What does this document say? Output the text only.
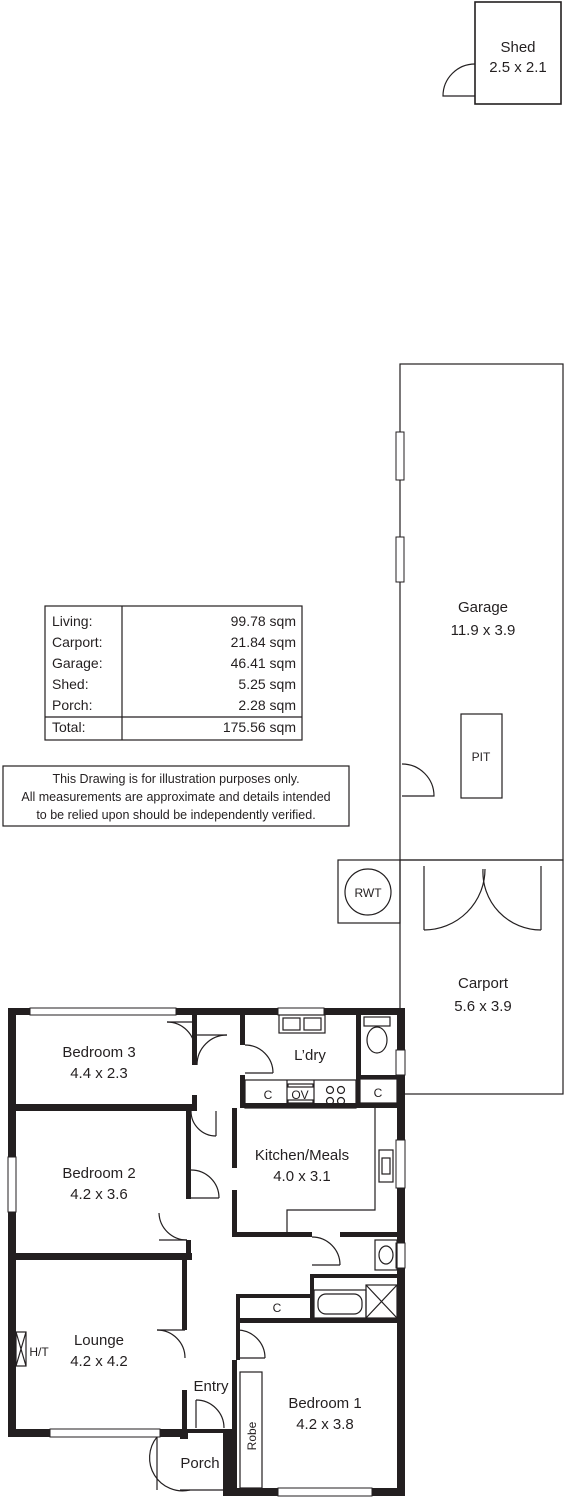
Shed
2.5 x 2.1
PIT
Garage
11.9 x 3.9
RWT
Carport
5.6 x 3.9
Living:	99.78 sqm
Carport:	21.84 sqm
Garage:	46.41 sqm
Shed:	5.25 sqm
Porch:	2.28 sqm
Total:	175.56 sqm
This Drawing is for illustration purposes only.
All measurements are approximate and details intended
to be relied upon should be independently verified.
C
C OV
C
Robe
H/T
Bedroom 3
4.4 x 2.3
L’dry
Bedroom 2
4.2 x 3.6
Kitchen/Meals
4.0 x 3.1
Lounge
4.2 x 4.2
Entry
Bedroom 1
4.2 x 3.8
Porch
